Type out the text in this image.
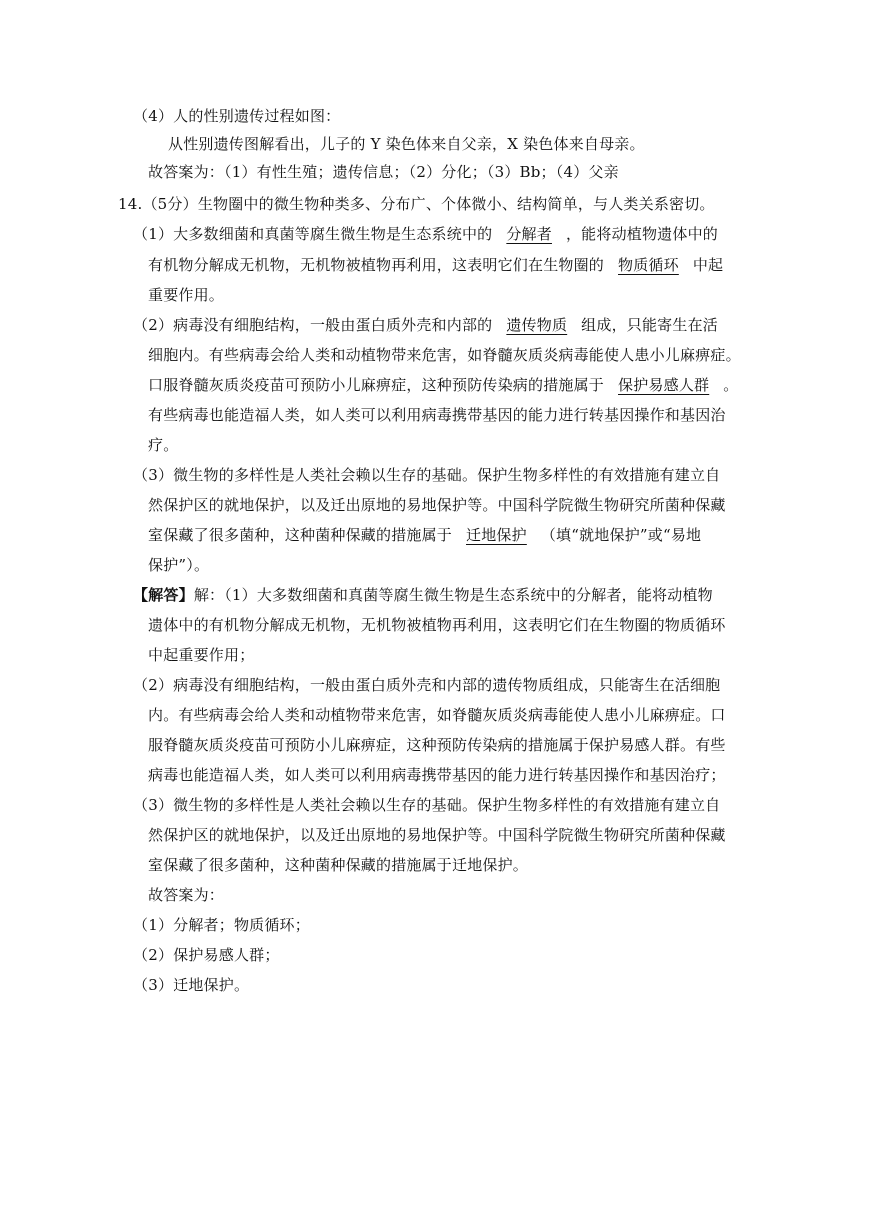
（4）人的性别遗传过程如图：
从性别遗传图解看出，儿子的 Y 染色体来自父亲，X 染色体来自母亲。
故答案为：（1）有性生殖；遗传信息；（2）分化；（3）Bb；（4）父亲
14.（5分）生物圈中的微生物种类多、分布广、个体微小、结构简单，与人类关系密切。
（1）大多数细菌和真菌等腐生微生物是生态系统中的 分解者 ，能将动植物遗体中的
有机物分解成无机物，无机物被植物再利用，这表明它们在生物圈的 物质循环 中起
重要作用。
（2）病毒没有细胞结构，一般由蛋白质外壳和内部的 遗传物质 组成，只能寄生在活
细胞内。有些病毒会给人类和动植物带来危害，如脊髓灰质炎病毒能使人患小儿麻痹症。
口服脊髓灰质炎疫苗可预防小儿麻痹症，这种预防传染病的措施属于 保护易感人群 。
有些病毒也能造福人类，如人类可以利用病毒携带基因的能力进行转基因操作和基因治
疗。
（3）微生物的多样性是人类社会赖以生存的基础。保护生物多样性的有效措施有建立自
然保护区的就地保护，以及迁出原地的易地保护等。中国科学院微生物研究所菌种保藏
室保藏了很多菌种，这种菌种保藏的措施属于 迁地保护 （填“就地保护”或“易地
保护”）。
【解答】解：（1）大多数细菌和真菌等腐生微生物是生态系统中的分解者，能将动植物
遗体中的有机物分解成无机物，无机物被植物再利用，这表明它们在生物圈的物质循环
中起重要作用；
（2）病毒没有细胞结构，一般由蛋白质外壳和内部的遗传物质组成，只能寄生在活细胞
内。有些病毒会给人类和动植物带来危害，如脊髓灰质炎病毒能使人患小儿麻痹症。口
服脊髓灰质炎疫苗可预防小儿麻痹症，这种预防传染病的措施属于保护易感人群。有些
病毒也能造福人类，如人类可以利用病毒携带基因的能力进行转基因操作和基因治疗；
（3）微生物的多样性是人类社会赖以生存的基础。保护生物多样性的有效措施有建立自
然保护区的就地保护，以及迁出原地的易地保护等。中国科学院微生物研究所菌种保藏
室保藏了很多菌种，这种菌种保藏的措施属于迁地保护。
故答案为：
（1）分解者；物质循环；
（2）保护易感人群；
（3）迁地保护。
